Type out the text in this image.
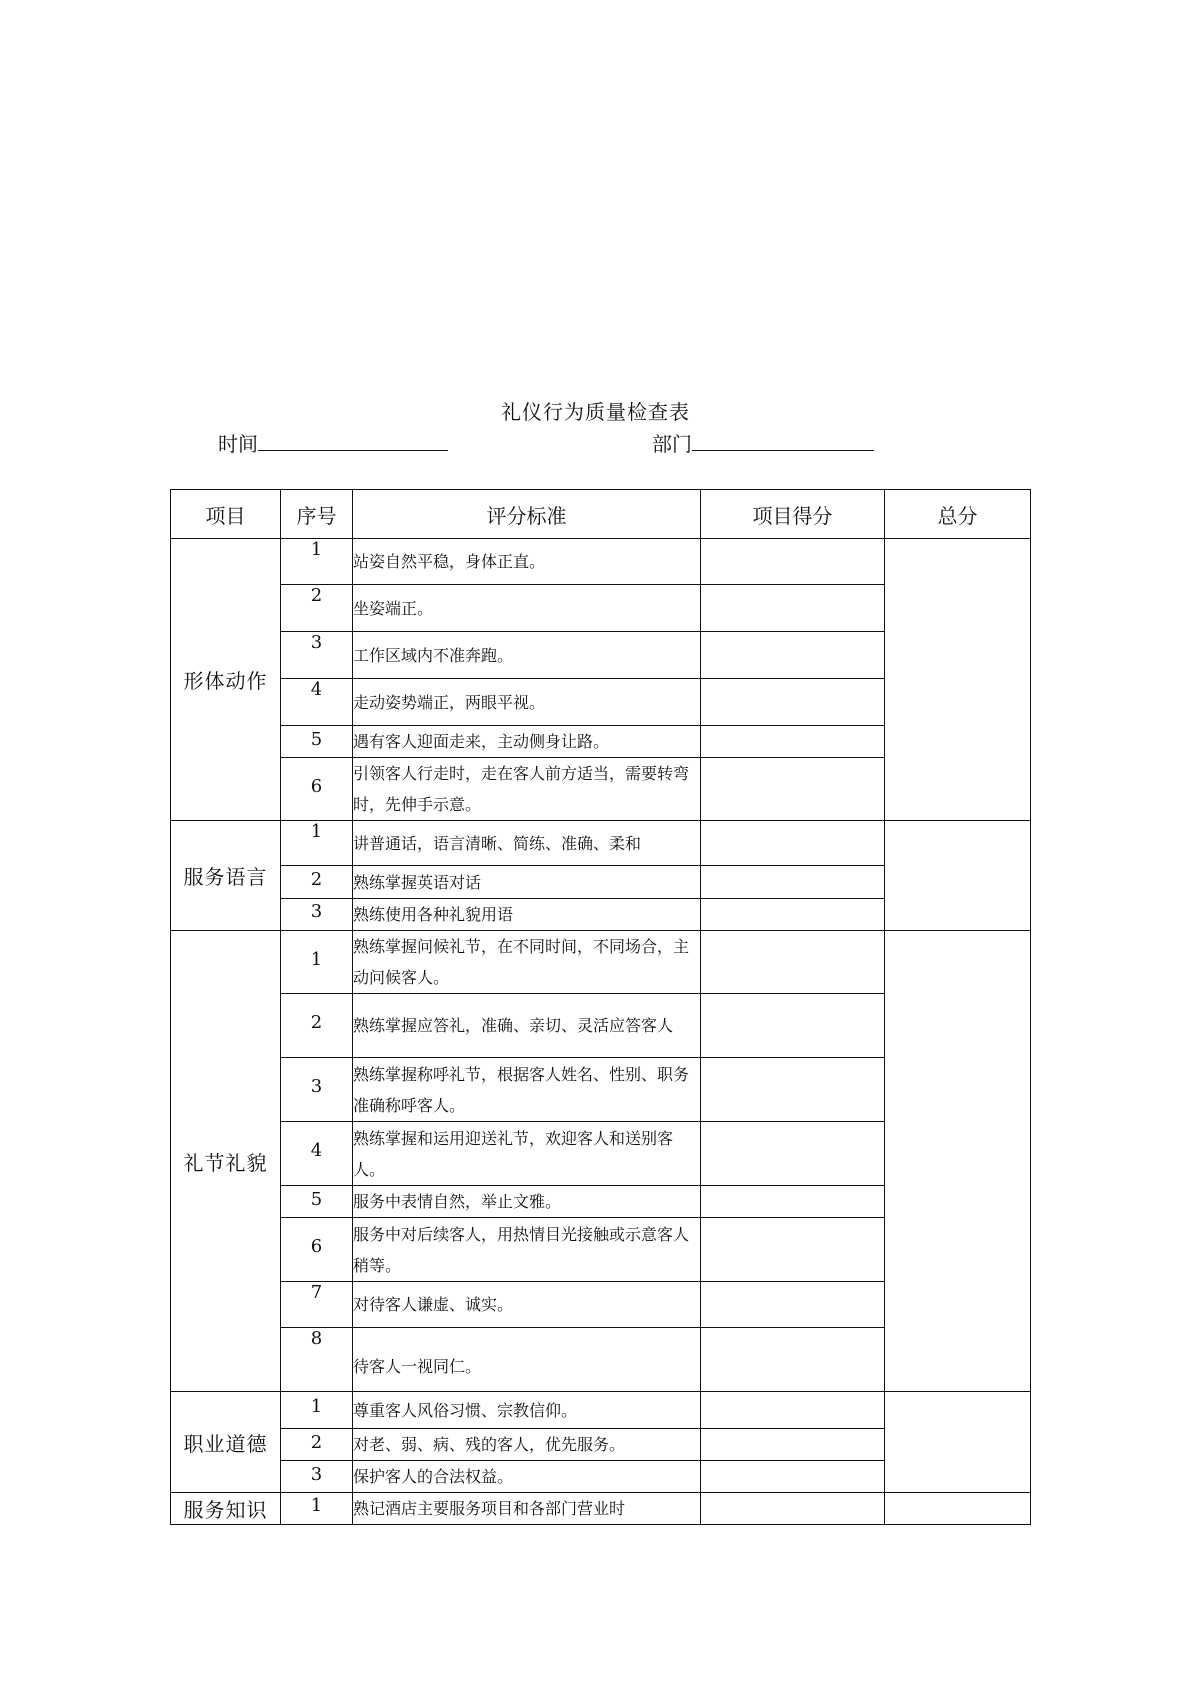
礼仪行为质量检查表
时间	部门
项目	序号	评分标准	项目得分	总分
形体动作	1	站姿自然平稳，身体正直。		
	2	坐姿端正。		
	3	工作区域内不准奔跑。		
	4	走动姿势端正，两眼平视。		
	5	遇有客人迎面走来，主动侧身让路。		
	6	引领客人行走时，走在客人前方适当，需要转弯时，先伸手示意。		
服务语言	1	讲普通话，语言清晰、简练、准确、柔和		
	2	熟练掌握英语对话		
	3	熟练使用各种礼貌用语		
礼节礼貌	1	熟练掌握问候礼节，在不同时间，不同场合，主动问候客人。		
	2	熟练掌握应答礼，准确、亲切、灵活应答客人		
	3	熟练掌握称呼礼节，根据客人姓名、性别、职务准确称呼客人。		
	4	熟练掌握和运用迎送礼节，欢迎客人和送别客人。		
	5	服务中表情自然，举止文雅。		
	6	服务中对后续客人，用热情目光接触或示意客人稍等。		
	7	对待客人谦虚、诚实。		
	8	待客人一视同仁。		
职业道德	1	尊重客人风俗习惯、宗教信仰。		
	2	对老、弱、病、残的客人，优先服务。		
	3	保护客人的合法权益。		
服务知识	1	熟记酒店主要服务项目和各部门营业时		
